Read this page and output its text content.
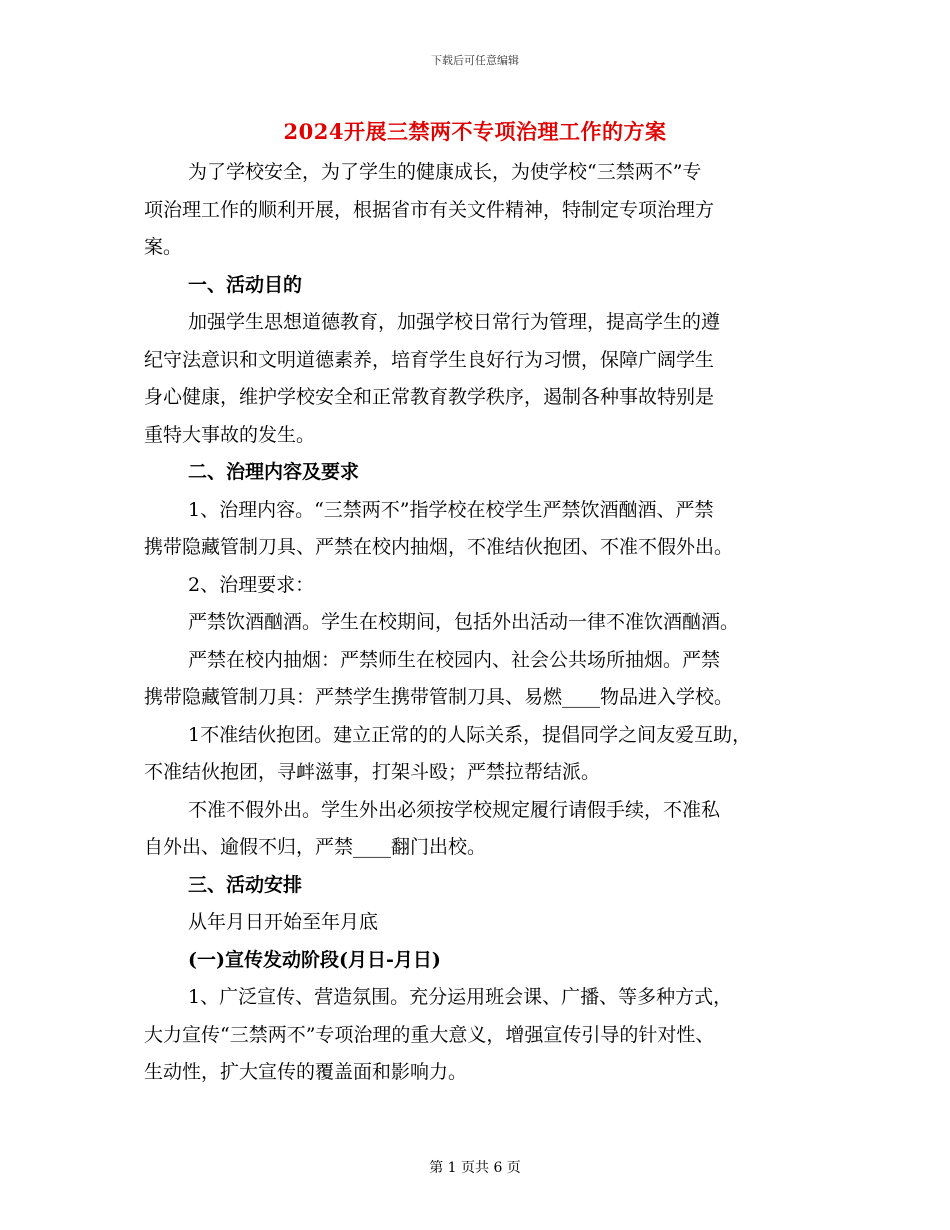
下载后可任意编辑
2024开展三禁两不专项治理工作的方案

为了学校安全，为了学生的健康成长，为使学校“三禁两不”专

项治理工作的顺利开展，根据省市有关文件精神，特制定专项治理方

案。

一、活动目的

加强学生思想道德教育，加强学校日常行为管理，提高学生的遵

纪守法意识和文明道德素养，培育学生良好行为习惯，保障广阔学生

身心健康，维护学校安全和正常教育教学秩序，遏制各种事故特别是

重特大事故的发生。

二、治理内容及要求

1、治理内容。“三禁两不”指学校在校学生严禁饮酒酗酒、严禁

携带隐藏管制刀具、严禁在校内抽烟，不准结伙抱团、不准不假外出。

2、治理要求：

严禁饮酒酗酒。学生在校期间，包括外出活动一律不准饮酒酗酒。

严禁在校内抽烟：严禁师生在校园内、社会公共场所抽烟。严禁

携带隐藏管制刀具：严禁学生携带管制刀具、易燃____物品进入学校。

1不准结伙抱团。建立正常的的人际关系，提倡同学之间友爱互助，

不准结伙抱团，寻衅滋事，打架斗殴；严禁拉帮结派。

不准不假外出。学生外出必须按学校规定履行请假手续，不准私

自外出、逾假不归，严禁____翻门出校。

三、活动安排

从年月日开始至年月底

(一)宣传发动阶段(月日-月日)

1、广泛宣传、营造氛围。充分运用班会课、广播、等多种方式，

大力宣传“三禁两不”专项治理的重大意义，增强宣传引导的针对性、

生动性，扩大宣传的覆盖面和影响力。

第 1 页共 6 页
